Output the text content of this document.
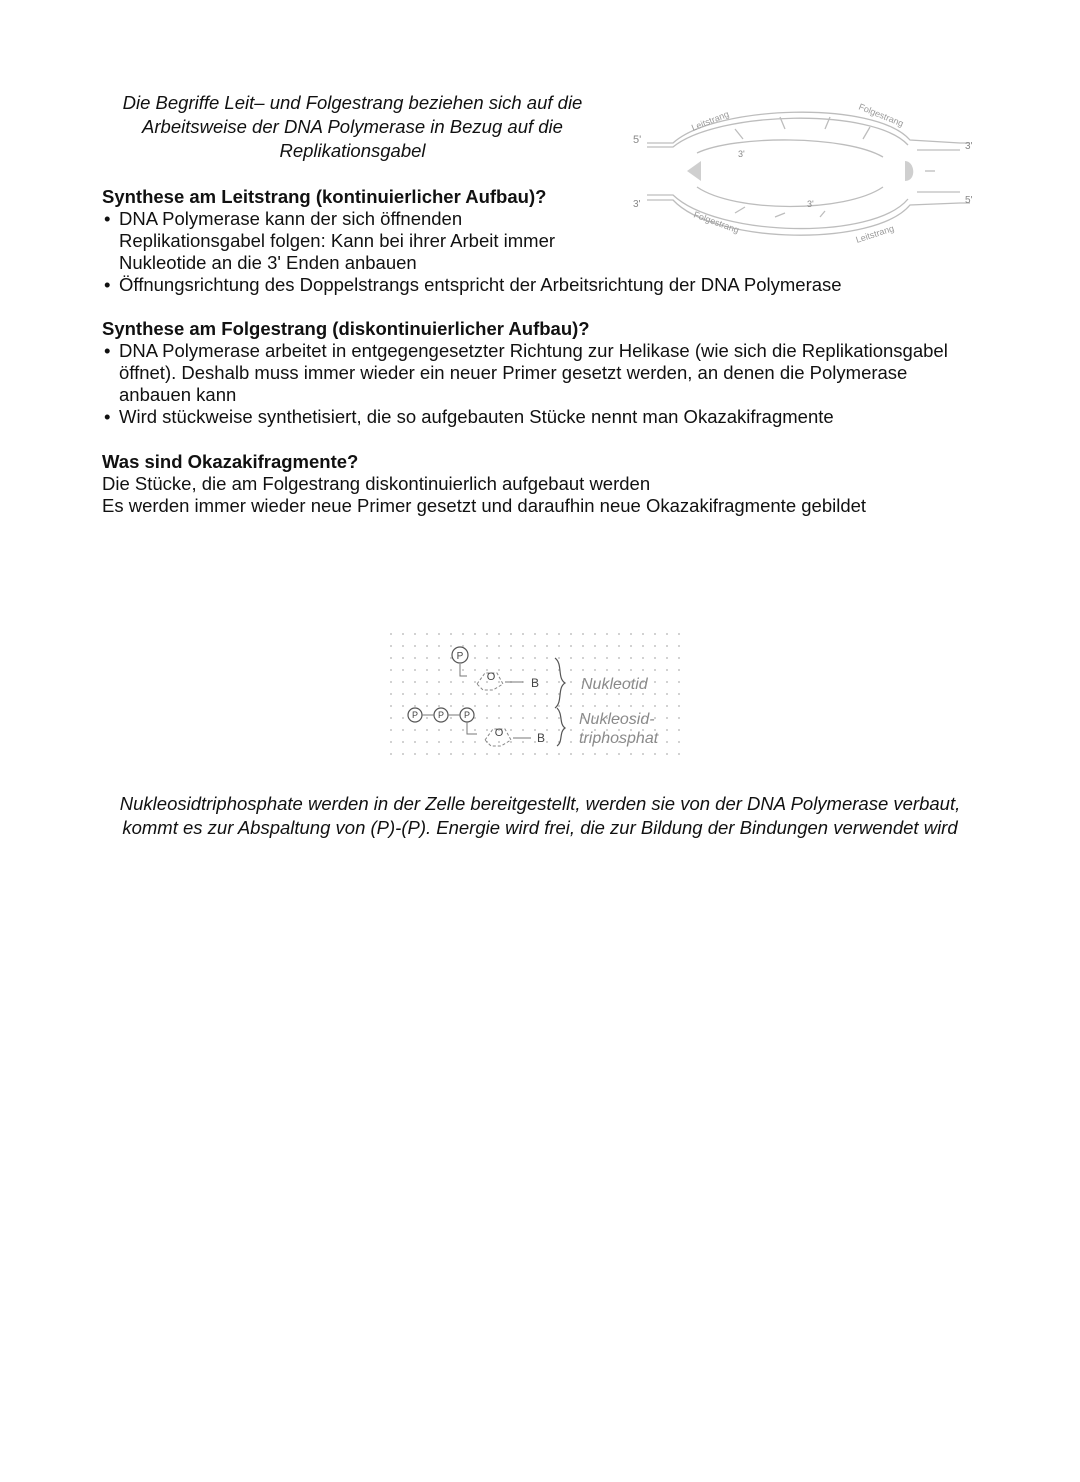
Die Begriffe Leit– und Folgestrang beziehen sich auf die Arbeitsweise der DNA Polymerase in Bezug auf die Replikationsgabel	5'
3'
3'
5'
3'
3'
Leitstrang	Folgestrang
Folgestrang	Leitstrang
Synthese am Leitstrang (kontinuierlicher Aufbau)?
• DNA Polymerase kann der sich öffnenden Replikationsgabel folgen: Kann bei ihrer Arbeit immer Nukleotide an die 3' Enden anbauen
• Öffnungsrichtung des Doppelstrangs entspricht der Arbeitsrichtung der DNA Polymerase
Synthese am Folgestrang (diskontinuierlicher Aufbau)?
• DNA Polymerase arbeitet in entgegengesetzter Richtung zur Helikase (wie sich die Replikationsgabel öffnet). Deshalb muss immer wieder ein neuer Primer gesetzt werden, an denen die Polymerase anbauen kann
• Wird stückweise synthetisiert, die so aufgebauten Stücke nennt man Okazakifragmente
Was sind Okazakifragmente?
Die Stücke, die am Folgestrang diskontinuierlich aufgebaut werden
Es werden immer wieder neue Primer gesetzt und daraufhin neue Okazakifragmente gebildet
P
O	B	Nukleotid
P P P
O	B
Nukleosid-
triphosphat
Nukleosidtriphosphate werden in der Zelle bereitgestellt, werden sie von der DNA Polymerase verbaut, kommt es zur Abspaltung von (P)-(P). Energie wird frei, die zur Bildung der Bindungen verwendet wird
